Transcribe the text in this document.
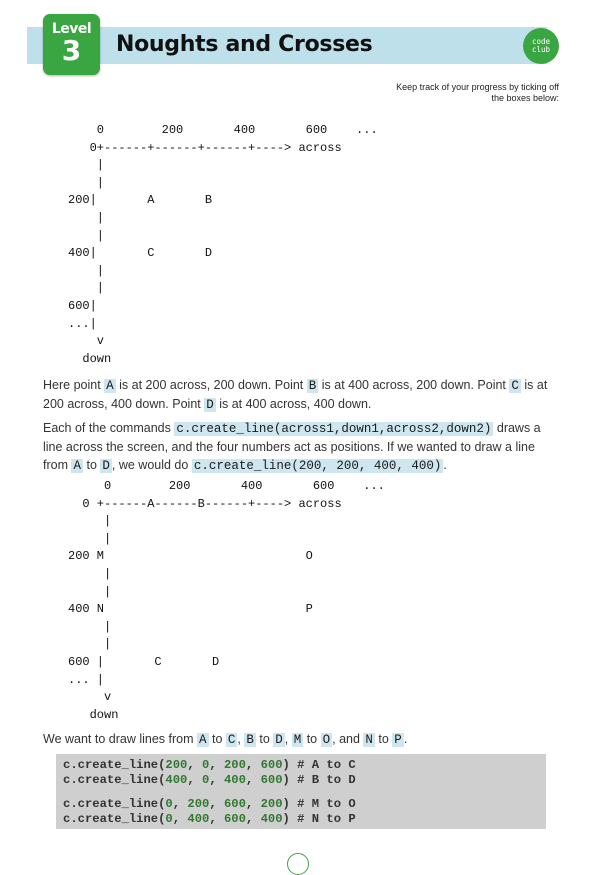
Level
3	Noughts and Crosses	code
club
Keep track of your progress by ticking off the boxes below:
0        200       400       600    ...
0+------+------+------+----> across
|
|
200|       A       B
|
|
400|       C       D
|
|
600|
...|
v
down

Here point A is at 200 across, 200 down. Point B is at 400 across, 200 down. Point C is at 200 across, 400 down. Point D is at 400 across, 400 down.

Each of the commands c.create_line(across1,down1,across2,down2) draws a line across the screen, and the four numbers act as positions. If we wanted to draw a line from A to D , we would do c.create_line(200, 200, 400, 400) .

0        200       400       600    ...
0 +------A------B------+----> across
|
|
200 M                            O
|
|
400 N                            P
|
|
600 |       C       D
... |
v
down

We want to draw lines from A to C , B to D , M to O , and N to P .

c.create_line(200, 0, 200, 600) # A to C
c.create_line(400, 0, 400, 600) # B to D
c.create_line(0, 200, 600, 200) # M to O
c.create_line(0, 400, 600, 400) # N to P
